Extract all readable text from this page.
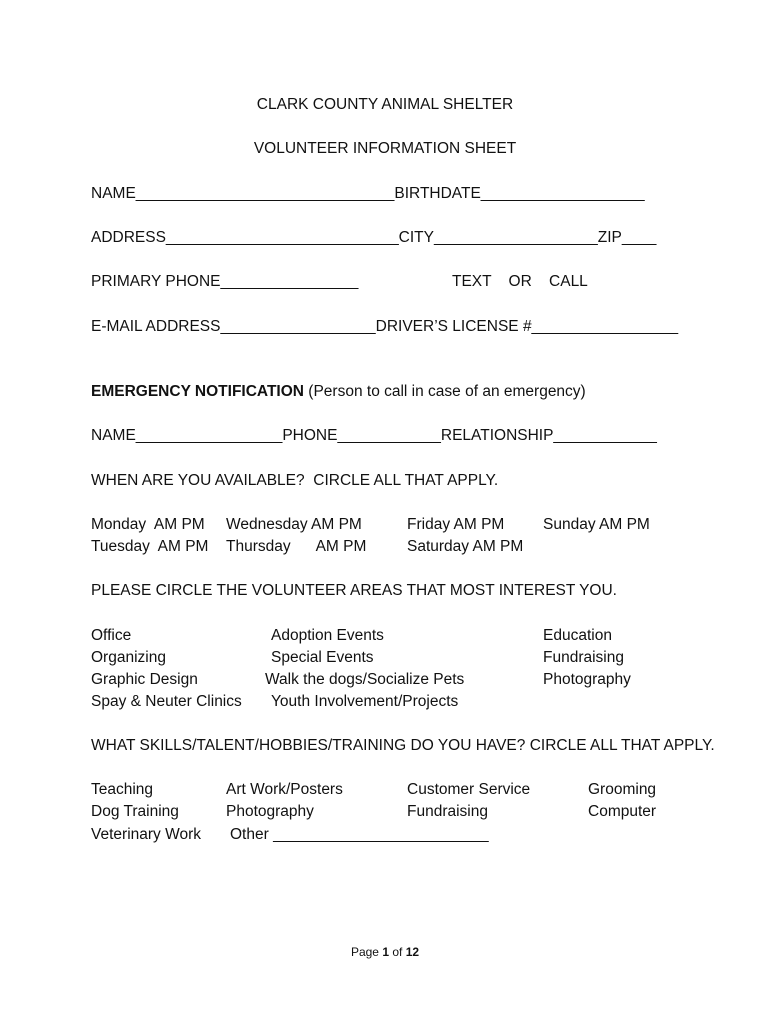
CLARK COUNTY ANIMAL SHELTER
VOLUNTEER INFORMATION SHEET
NAME______________________________BIRTHDATE___________________
ADDRESS___________________________CITY___________________ZIP____
PRIMARY PHONE________________	TEXT    OR    CALL
E-MAIL ADDRESS__________________DRIVER’S LICENSE #_________________
EMERGENCY NOTIFICATION (Person to call in case of an emergency)
NAME_________________PHONE____________RELATIONSHIP____________
WHEN ARE YOU AVAILABLE?  CIRCLE ALL THAT APPLY.
Monday  AM PM
Tuesday  AM PM
Wednesday AM PM
Thursday      AM PM
Friday AM PM
Saturday AM PM
Sunday AM PM
PLEASE CIRCLE THE VOLUNTEER AREAS THAT MOST INTEREST YOU.
Office
Organizing
Graphic Design
Spay & Neuter Clinics
Adoption Events
Special Events
Walk the dogs/Socialize Pets
Youth Involvement/Projects
Education
Fundraising
Photography
WHAT SKILLS/TALENT/HOBBIES/TRAINING DO YOU HAVE? CIRCLE ALL THAT APPLY.
Teaching
Dog Training
Veterinary Work
Art Work/Posters
Photography
Other _________________________
Customer Service
Fundraising
Grooming
Computer
Page 1 of 12
